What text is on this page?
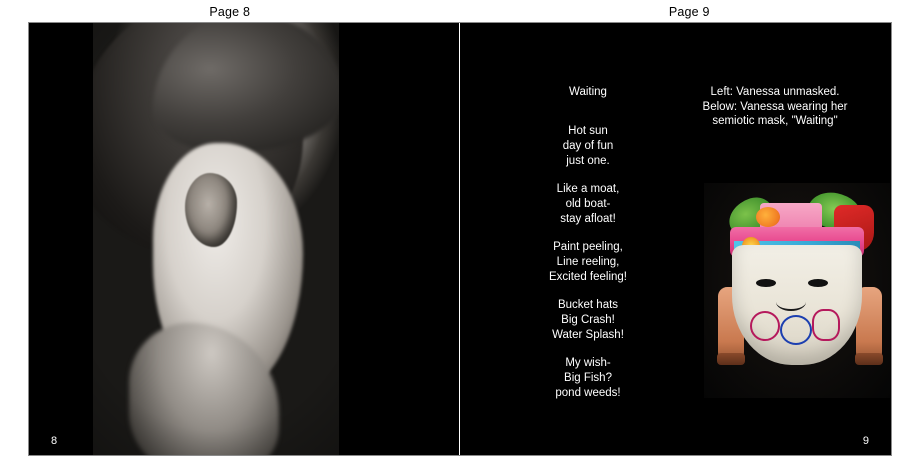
Page 8	Page 9
8
Waiting
Hot sun
day of fun
just one.
Like a moat,
old boat-
stay afloat!
Paint peeling,
Line reeling,
Excited feeling!
Bucket hats
Big Crash!
Water Splash!
My wish-
Big Fish?
pond weeds!
Left: Vanessa unmasked.
Below: Vanessa wearing her
semiotic mask, "Waiting"
9
